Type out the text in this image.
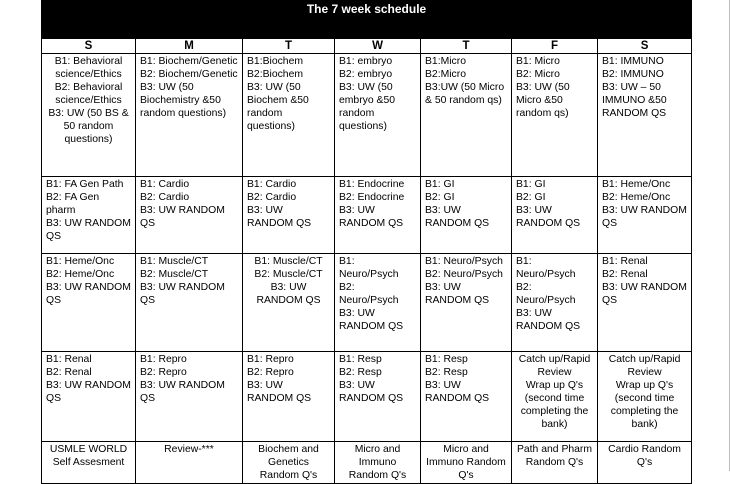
The 7 week schedule						
S	M	T	W	T	F	S

B1: Behavioral science/Ethics
B2: Behavioral science/Ethics
B3: UW (50 BS & 50 random questions)	B1: Biochem/Genetic
B2: Biochem/Genetic
B3: UW (50 Biochemistry &50 random questions)	B1:Biochem
B2:Biochem
B3: UW (50 Biochem &50 random questions)	B1: embryo
B2: embryo
B3: UW (50 embryo &50 random questions)	B1:Micro
B2:Micro
B3:UW (50 Micro & 50 random qs)	B1: Micro
B2: Micro
B3: UW (50 Micro &50 random qs)	B1: IMMUNO
B2: IMMUNO
B3: UW – 50 IMMUNO &50 RANDOM QS

B1: FA Gen Path
B2: FA Gen pharm
B3: UW RANDOM QS	B1: Cardio
B2: Cardio
B3: UW RANDOM QS	B1: Cardio
B2: Cardio
B3: UW RANDOM QS	B1: Endocrine
B2: Endocrine
B3: UW RANDOM QS	B1: GI
B2: GI
B3: UW RANDOM QS	B1: GI
B2: GI
B3: UW RANDOM QS	B1: Heme/Onc
B2: Heme/Onc
B3: UW RANDOM QS

B1: Heme/Onc
B2: Heme/Onc
B3: UW RANDOM QS	B1: Muscle/CT
B2: Muscle/CT
B3: UW RANDOM QS	B1: Muscle/CT
B2: Muscle/CT
B3: UW RANDOM QS	B1: Neuro/Psych
B2: Neuro/Psych
B3: UW RANDOM QS	B1: Neuro/Psych
B2: Neuro/Psych
B3: UW RANDOM QS	B1: Neuro/Psych
B2: Neuro/Psych
B3: UW RANDOM QS	B1: Renal
B2: Renal
B3: UW RANDOM QS

B1: Renal
B2: Renal
B3: UW RANDOM QS	B1: Repro
B2: Repro
B3: UW RANDOM QS	B1: Repro
B2: Repro
B3: UW RANDOM QS	B1: Resp
B2: Resp
B3: UW RANDOM QS	B1: Resp
B2: Resp
B3: UW RANDOM QS	Catch up/Rapid Review
Wrap up Q's
(second time completing the bank)	Catch up/Rapid Review
Wrap up Q's
(second time completing the bank)

USMLE WORLD Self Assesment	Review-***	Biochem and Genetics Random Q's	Micro and Immuno Random Q's	Micro and Immuno Random Q's	Path and Pharm Random Q's	Cardio Random Q's
